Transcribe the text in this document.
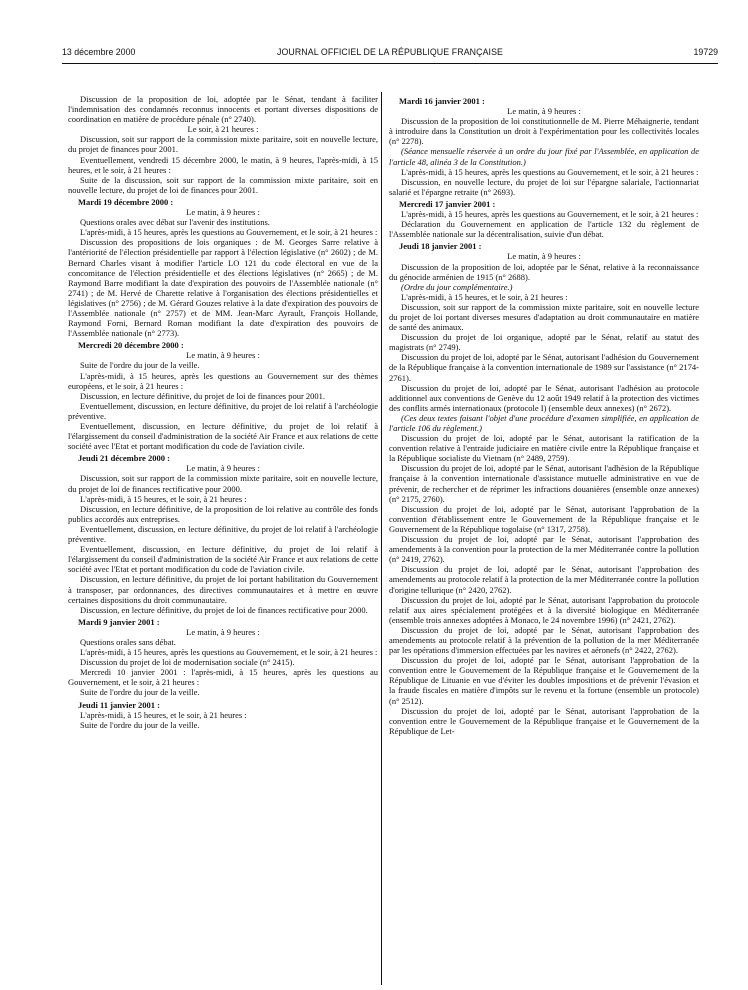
13 décembre 2000	JOURNAL OFFICIEL DE LA RÉPUBLIQUE FRANÇAISE	19729

Discussion de la proposition de loi, adoptée par le Sénat, tendant à faciliter l'indemnisation des condamnés reconnus innocents et portant diverses dispositions de coordination en matière de procédure pénale (n° 2740).

Le soir, à 21 heures :

Discussion, soit sur rapport de la commission mixte paritaire, soit en nouvelle lecture, du projet de finances pour 2001.

Eventuellement, vendredi 15 décembre 2000, le matin, à 9 heures, l'après-midi, à 15 heures, et le soir, à 21 heures :

Suite de la discussion, soit sur rapport de la commission mixte paritaire, soit en nouvelle lecture, du projet de loi de finances pour 2001.

Mardi 19 décembre 2000 :

Le matin, à 9 heures :

Questions orales avec débat sur l'avenir des institutions.

L'après-midi, à 15 heures, après les questions au Gouvernement, et le soir, à 21 heures :

Discussion des propositions de lois organiques : de M. Georges Sarre relative à l'antériorité de l'élection présidentielle par rapport à l'élection législative (n° 2602) ; de M. Bernard Charles visant à modifier l'article LO 121 du code électoral en vue de la concomitance de l'élection présidentielle et des élections législatives (n° 2665) ; de M. Raymond Barre modifiant la date d'expiration des pouvoirs de l'Assemblée nationale (n° 2741) ; de M. Hervé de Charette relative à l'organisation des élections présidentielles et législatives (n° 2756) ; de M. Gérard Gouzes relative à la date d'expiration des pouvoirs de l'Assemblée nationale (n° 2757) et de MM. Jean-Marc Ayrault, François Hollande, Raymond Forni, Bernard Roman modifiant la date d'expiration des pouvoirs de l'Assemblée nationale (n° 2773).

Mercredi 20 décembre 2000 :

Le matin, à 9 heures :

Suite de l'ordre du jour de la veille.

L'après-midi, à 15 heures, après les questions au Gouvernement sur des thèmes européens, et le soir, à 21 heures :

Discussion, en lecture définitive, du projet de loi de finances pour 2001.

Eventuellement, discussion, en lecture définitive, du projet de loi relatif à l'archéologie préventive.

Eventuellement, discussion, en lecture définitive, du projet de loi relatif à l'élargissement du conseil d'administration de la société Air France et aux relations de cette société avec l'Etat et portant modification du code de l'aviation civile.

Jeudi 21 décembre 2000 :

Le matin, à 9 heures :

Discussion, soit sur rapport de la commission mixte paritaire, soit en nouvelle lecture, du projet de loi de finances rectificative pour 2000.

L'après-midi, à 15 heures, et le soir, à 21 heures :

Discussion, en lecture définitive, de la proposition de loi relative au contrôle des fonds publics accordés aux entreprises.

Eventuellement, discussion, en lecture définitive, du projet de loi relatif à l'archéologie préventive.

Eventuellement, discussion, en lecture définitive, du projet de loi relatif à l'élargissement du conseil d'administration de la société Air France et aux relations de cette société avec l'Etat et portant modification du code de l'aviation civile.

Discussion, en lecture définitive, du projet de loi portant habilitation du Gouvernement à transposer, par ordonnances, des directives communautaires et à mettre en œuvre certaines dispositions du droit communautaire.

Discussion, en lecture définitive, du projet de loi de finances rectificative pour 2000.

Mardi 9 janvier 2001 :

Le matin, à 9 heures :

Questions orales sans débat.

L'après-midi, à 15 heures, après les questions au Gouvernement, et le soir, à 21 heures :

Discussion du projet de loi de modernisation sociale (n° 2415).

Mercredi 10 janvier 2001 : l'après-midi, à 15 heures, après les questions au Gouvernement, et le soir, à 21 heures :

Suite de l'ordre du jour de la veille.

Jeudi 11 janvier 2001 :

L'après-midi, à 15 heures, et le soir, à 21 heures :

Suite de l'ordre du jour de la veille.

Mardi 16 janvier 2001 :

Le matin, à 9 heures :

Discussion de la proposition de loi constitutionnelle de M. Pierre Méhaignerie, tendant à introduire dans la Constitution un droit à l'expérimentation pour les collectivités locales (n° 2278).

(Séance mensuelle réservée à un ordre du jour fixé par l'Assemblée, en application de l'article 48, alinéa 3 de la Constitution.)

L'après-midi, à 15 heures, après les questions au Gouvernement, et le soir, à 21 heures :

Discussion, en nouvelle lecture, du projet de loi sur l'épargne salariale, l'actionnariat salarié et l'épargne retraite (n° 2693).

Mercredi 17 janvier 2001 :

L'après-midi, à 15 heures, après les questions au Gouvernement, et le soir, à 21 heures :

Déclaration du Gouvernement en application de l'article 132 du règlement de l'Assemblée nationale sur la décentralisation, suivie d'un débat.

Jeudi 18 janvier 2001 :

Le matin, à 9 heures :

Discussion de la proposition de loi, adoptée par le Sénat, relative à la reconnaissance du génocide arménien de 1915 (n° 2688).

(Ordre du jour complémentaire.)

L'après-midi, à 15 heures, et le soir, à 21 heures :

Discussion, soit sur rapport de la commission mixte paritaire, soit en nouvelle lecture du projet de loi portant diverses mesures d'adaptation au droit communautaire en matière de santé des animaux.

Discussion du projet de loi organique, adopté par le Sénat, relatif au statut des magistrats (n° 2749).

Discussion du projet de loi, adopté par le Sénat, autorisant l'adhésion du Gouvernement de la République française à la convention internationale de 1989 sur l'assistance (n° 2174-2761).

Discussion du projet de loi, adopté par le Sénat, autorisant l'adhésion au protocole additionnel aux conventions de Genève du 12 août 1949 relatif à la protection des victimes des conflits armés internationaux (protocole I) (ensemble deux annexes) (n° 2672).

(Ces deux textes faisant l'objet d'une procédure d'examen simplifiée, en application de l'article 106 du règlement.)

Discussion du projet de loi, adopté par le Sénat, autorisant la ratification de la convention relative à l'entraide judiciaire en matière civile entre la République française et la République socialiste du Vietnam (n° 2489, 2759).

Discussion du projet de loi, adopté par le Sénat, autorisant l'adhésion de la République française à la convention internationale d'assistance mutuelle administrative en vue de prévenir, de rechercher et de réprimer les infractions douanières (ensemble onze annexes) (n° 2175, 2760).

Discussion du projet de loi, adopté par le Sénat, autorisant l'approbation de la convention d'établissement entre le Gouvernement de la République française et le Gouvernement de la République togolaise (n° 1317, 2758).

Discussion du projet de loi, adopté par le Sénat, autorisant l'approbation des amendements à la convention pour la protection de la mer Méditerranée contre la pollution (n° 2419, 2762).

Discussion du projet de loi, adopté par le Sénat, autorisant l'approbation des amendements au protocole relatif à la protection de la mer Méditerranée contre la pollution d'origine tellurique (n° 2420, 2762).

Discussion du projet de loi, adopté par le Sénat, autorisant l'approbation du protocole relatif aux aires spécialement protégées et à la diversité biologique en Méditerranée (ensemble trois annexes adoptées à Monaco, le 24 novembre 1996) (n° 2421, 2762).

Discussion du projet de loi, adopté par le Sénat, autorisant l'approbation des amendements au protocole relatif à la prévention de la pollution de la mer Méditerranée par les opérations d'immersion effectuées par les navires et aéronefs (n° 2422, 2762).

Discussion du projet de loi, adopté par le Sénat, autorisant l'approbation de la convention entre le Gouvernement de la République française et le Gouvernement de la République de Lituanie en vue d'éviter les doubles impositions et de prévenir l'évasion et la fraude fiscales en matière d'impôts sur le revenu et la fortune (ensemble un protocole) (n° 2512).

Discussion du projet de loi, adopté par le Sénat, autorisant l'approbation de la convention entre le Gouvernement de la République française et le Gouvernement de la République de Let-
